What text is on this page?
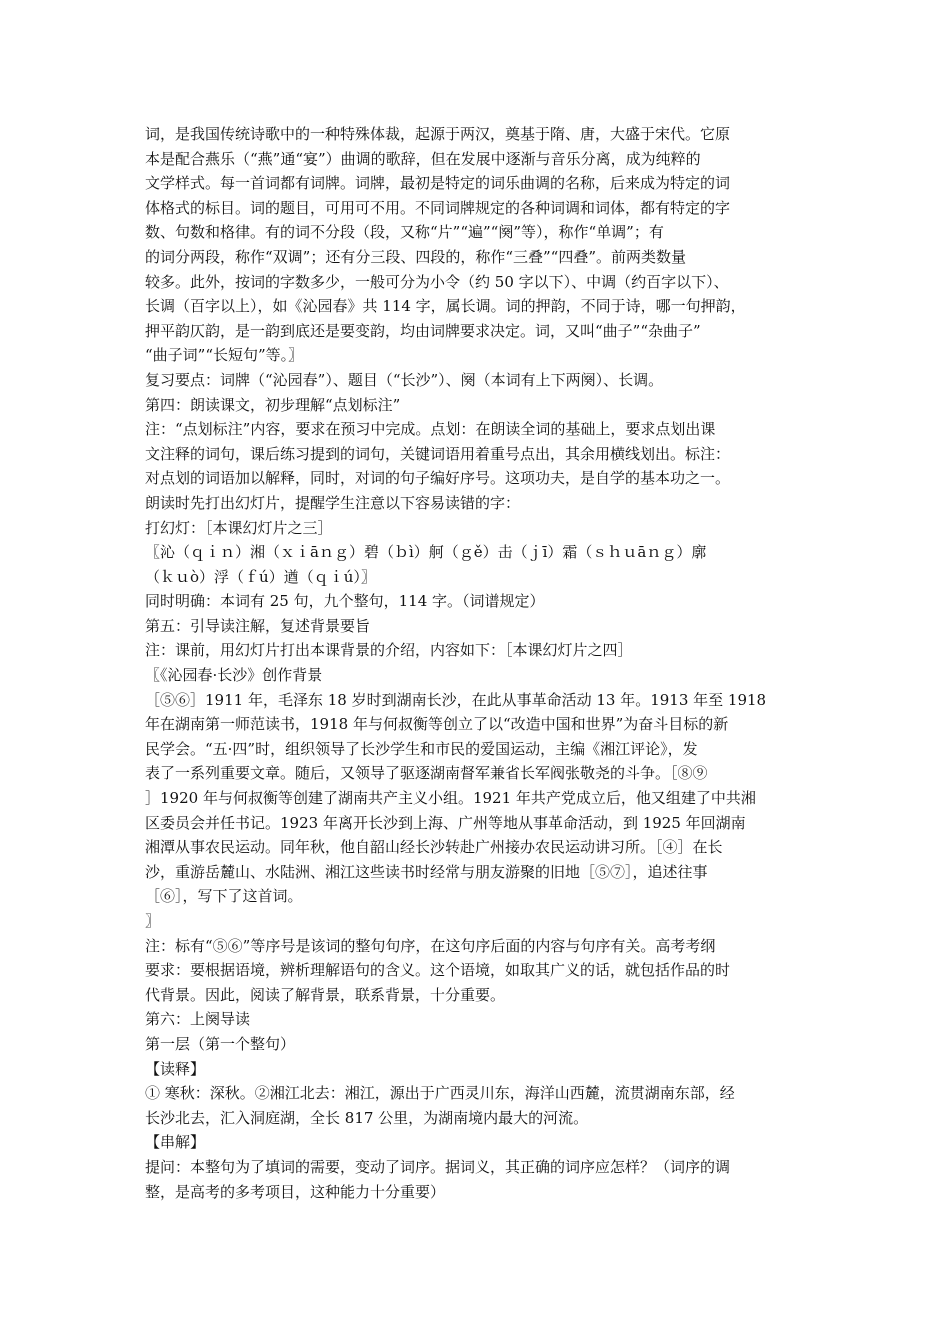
词，是我国传统诗歌中的一种特殊体裁，起源于两汉，奠基于隋、唐，大盛于宋代。它原
本是配合燕乐（“燕”通“宴”）曲调的歌辞，但在发展中逐渐与音乐分离，成为纯粹的
文学样式。每一首词都有词牌。词牌，最初是特定的词乐曲调的名称，后来成为特定的词
体格式的标目。词的题目，可用可不用。不同词牌规定的各种词调和词体，都有特定的字
数、句数和格律。有的词不分段（段，又称“片”“遍”“阕”等），称作“单调”；有
的词分两段，称作“双调”；还有分三段、四段的，称作“三叠”“四叠”。前两类数量
较多。此外，按词的字数多少，一般可分为小令（约 50 字以下）、中调（约百字以下）、
长调（百字以上），如《沁园春》共 114 字，属长调。词的押韵，不同于诗，哪一句押韵，
押平韵仄韵，是一韵到底还是要变韵，均由词牌要求决定。词，又叫“曲子”“杂曲子”
“曲子词”“长短句”等。〗
复习要点：词牌（“沁园春”）、题目（“长沙”）、阕（本词有上下两阕）、长调。
第四：朗读课文，初步理解“点划标注”
注：“点划标注”内容，要求在预习中完成。点划：在朗读全词的基础上，要求点划出课
文注释的词句，课后练习提到的词句，关键词语用着重号点出，其余用横线划出。标注：
对点划的词语加以解释，同时，对词的句子编好序号。这项功夫，是自学的基本功之一。
朗读时先打出幻灯片，提醒学生注意以下容易读错的字：
打幻灯：［本课幻灯片之三］
〖沁（ｑｉｎ）湘（ｘｉāｎｇ）碧（ｂì）舸（ｇě）击（ｊī）霜（ｓｈｕāｎｇ）廓
（ｋｕò）浮（ｆú）遒（ｑｉú）〗
同时明确：本词有 25 句，九个整句，114 字。（词谱规定）
第五：引导读注解，复述背景要旨
注：课前，用幻灯片打出本课背景的介绍，内容如下：［本课幻灯片之四］
〖《沁园春·长沙》创作背景
［⑤⑥］1911 年，毛泽东 18 岁时到湖南长沙，在此从事革命活动 13 年。1913 年至 1918
年在湖南第一师范读书，1918 年与何叔衡等创立了以“改造中国和世界”为奋斗目标的新
民学会。“五·四”时，组织领导了长沙学生和市民的爱国运动，主编《湘江评论》，发
表了一系列重要文章。随后，又领导了驱逐湖南督军兼省长军阀张敬尧的斗争。［⑧⑨
］1920 年与何叔衡等创建了湖南共产主义小组。1921 年共产党成立后，他又组建了中共湘
区委员会并任书记。1923 年离开长沙到上海、广州等地从事革命活动，到 1925 年回湖南
湘潭从事农民运动。同年秋，他自韶山经长沙转赴广州接办农民运动讲习所。［④］在长
沙，重游岳麓山、水陆洲、湘江这些读书时经常与朋友游聚的旧地［⑤⑦］，追述往事
［⑥］，写下了这首词。
〗
注：标有“⑤⑥”等序号是该词的整句句序，在这句序后面的内容与句序有关。高考考纲
要求：要根据语境，辨析理解语句的含义。这个语境，如取其广义的话，就包括作品的时
代背景。因此，阅读了解背景，联系背景，十分重要。
第六：上阕导读
第一层（第一个整句）
【读释】
① 寒秋：深秋。②湘江北去：湘江，源出于广西灵川东，海洋山西麓，流贯湖南东部，经
长沙北去，汇入洞庭湖，全长 817 公里，为湖南境内最大的河流。
【串解】
提问：本整句为了填词的需要，变动了词序。据词义，其正确的词序应怎样？（词序的调
整，是高考的多考项目，这种能力十分重要）
